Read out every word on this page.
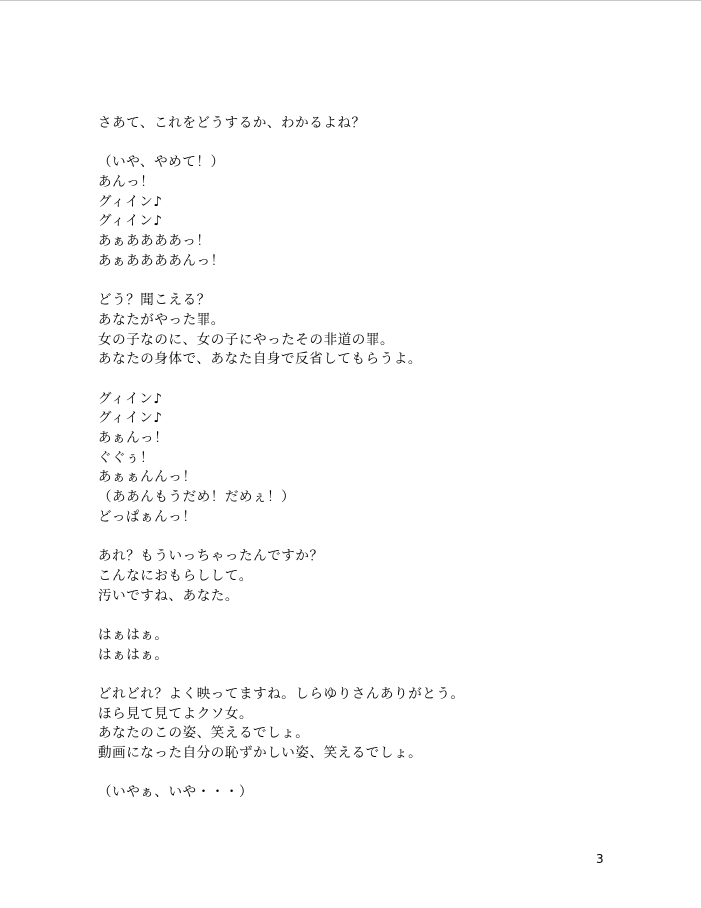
さあて、これをどうするか、わかるよね？
（いや、やめて！）
あんっ！
グィイン♪
グィイン♪
あぁああああっ！
あぁああああんっ！
どう？聞こえる？
あなたがやった罪。
女の子なのに、女の子にやったその非道の罪。
あなたの身体で、あなた自身で反省してもらうよ。
グィイン♪
グィイン♪
あぁんっ！
ぐぐぅ！
あぁぁんんっ！
（ああんもうだめ！だめぇ！）
どっぱぁんっ！
あれ？もういっちゃったんですか？
こんなにおもらしして。
汚いですね、あなた。
はぁはぁ。
はぁはぁ。
どれどれ？よく映ってますね。しらゆりさんありがとう。
ほら見て見てよクソ女。
あなたのこの姿、笑えるでしょ。
動画になった自分の恥ずかしい姿、笑えるでしょ。
（いやぁ、いや・・・）
3
